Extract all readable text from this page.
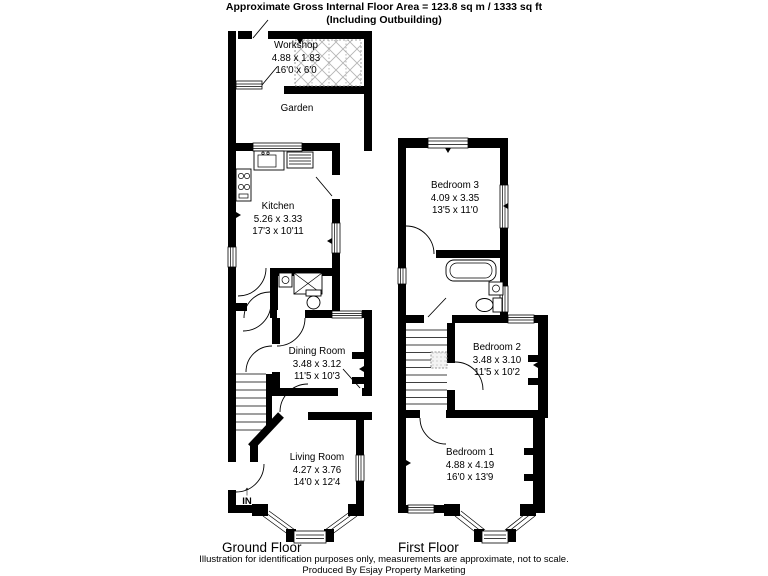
Approximate Gross Internal Floor Area = 123.8 sq m / 1333 sq ft
(Including Outbuilding)
Workshop
4.88 x 1.83
16'0 x 6'0
Garden
Kitchen
5.26 x 3.33
17'3 x 10'11
Dining Room
3.48 x 3.12
11'5 x 10'3
Living Room
4.27 x 3.76
14'0 x 12'4
↑
IN
Bedroom 3
4.09 x 3.35
13'5 x 11'0
Bedroom 2
3.48 x 3.10
11'5 x 10'2
Bedroom 1
4.88 x 4.19
16'0 x 13'9
Ground Floor	First Floor
Illustration for identification purposes only, measurements are approximate, not to scale.
Produced By Esjay Property Marketing
